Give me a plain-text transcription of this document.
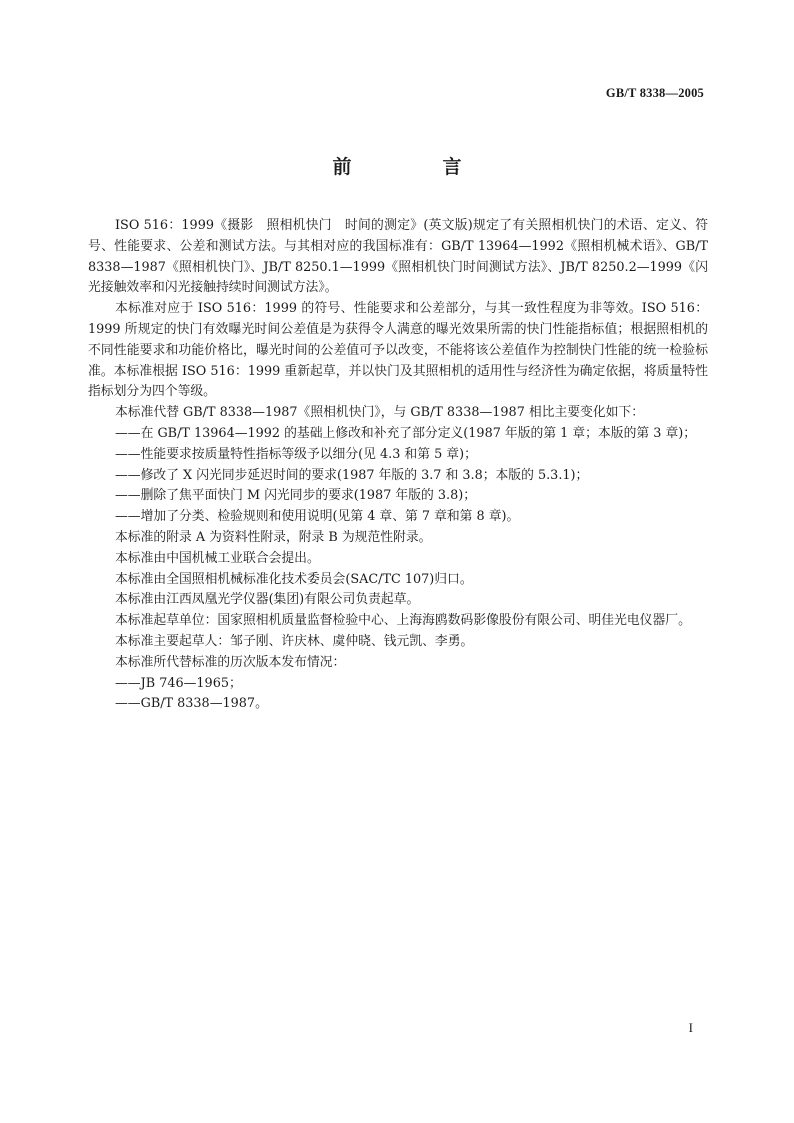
GB/T 8338—2005
前　言

ISO 516：1999《摄影　照相机快门　时间的测定》(英文版)规定了有关照相机快门的术语、定义、符号、性能要求、公差和测试方法。与其相对应的我国标准有：GB/T 13964—1992《照相机械术语》、GB/T 8338—1987《照相机快门》、JB/T 8250.1—1999《照相机快门时间测试方法》、JB/T 8250.2—1999《闪光接触效率和闪光接触持续时间测试方法》。

本标准对应于 ISO 516：1999 的符号、性能要求和公差部分，与其一致性程度为非等效。ISO 516：1999 所规定的快门有效曝光时间公差值是为获得令人满意的曝光效果所需的快门性能指标值；根据照相机的不同性能要求和功能价格比，曝光时间的公差值可予以改变，不能将该公差值作为控制快门性能的统一检验标准。本标准根据 ISO 516：1999 重新起草，并以快门及其照相机的适用性与经济性为确定依据，将质量特性指标划分为四个等级。

本标准代替 GB/T 8338—1987《照相机快门》，与 GB/T 8338—1987 相比主要变化如下：

——在 GB/T 13964—1992 的基础上修改和补充了部分定义(1987 年版的第 1 章；本版的第 3 章)；

——性能要求按质量特性指标等级予以细分(见 4.3 和第 5 章)；

——修改了 X 闪光同步延迟时间的要求(1987 年版的 3.7 和 3.8；本版的 5.3.1)；

——删除了焦平面快门 M 闪光同步的要求(1987 年版的 3.8)；

——增加了分类、检验规则和使用说明(见第 4 章、第 7 章和第 8 章)。

本标准的附录 A 为资料性附录，附录 B 为规范性附录。

本标准由中国机械工业联合会提出。

本标准由全国照相机械标准化技术委员会(SAC/TC 107)归口。

本标准由江西凤凰光学仪器(集团)有限公司负责起草。

本标准起草单位：国家照相机质量监督检验中心、上海海鸥数码影像股份有限公司、明佳光电仪器厂。

本标准主要起草人：邹子刚、许庆林、虞仲晓、钱元凯、李勇。

本标准所代替标准的历次版本发布情况：

——JB 746—1965；

——GB/T 8338—1987。

I
